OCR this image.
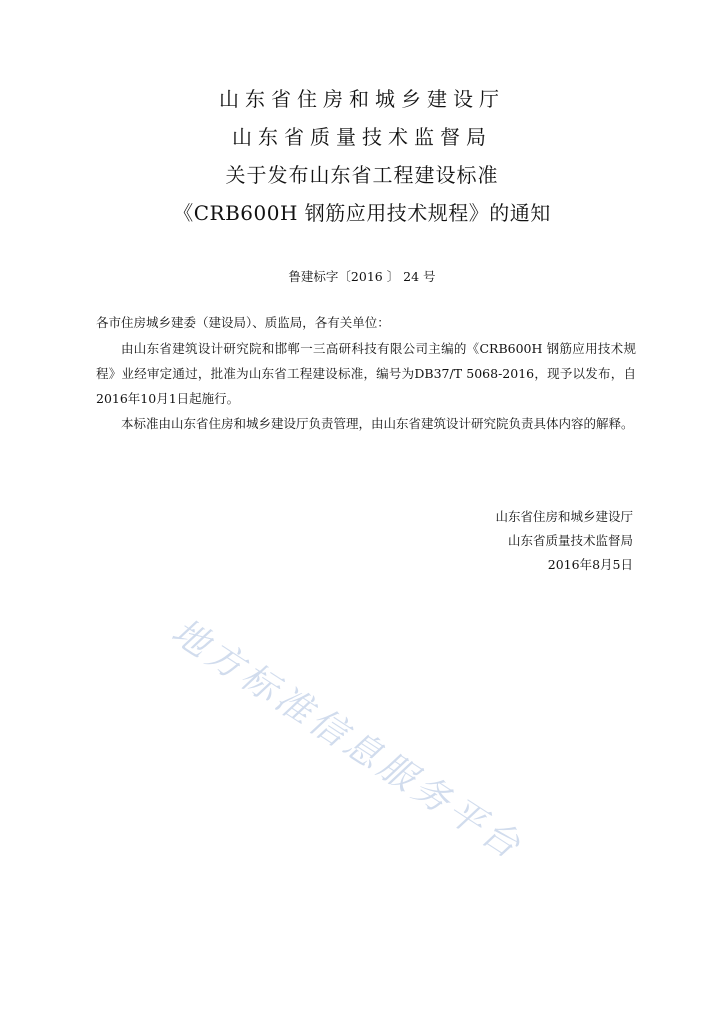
山东省住房和城乡建设厅
山东省质量技术监督局
关于发布山东省工程建设标准
《CRB600H 钢筋应用技术规程》的通知
鲁建标字〔2016 〕 24 号
各市住房城乡建委（建设局）、质监局，各有关单位：
由山东省建筑设计研究院和邯郸一三高研科技有限公司主编的《CRB600H 钢筋应用技术规程》业经审定通过，批准为山东省工程建设标准，编号为DB37/T 5068-2016，现予以发布，自2016年10月1日起施行。
本标准由山东省住房和城乡建设厅负责管理，由山东省建筑设计研究院负责具体内容的解释。
山东省住房和城乡建设厅
山东省质量技术监督局
2016年8月5日
地方标准信息服务平台
